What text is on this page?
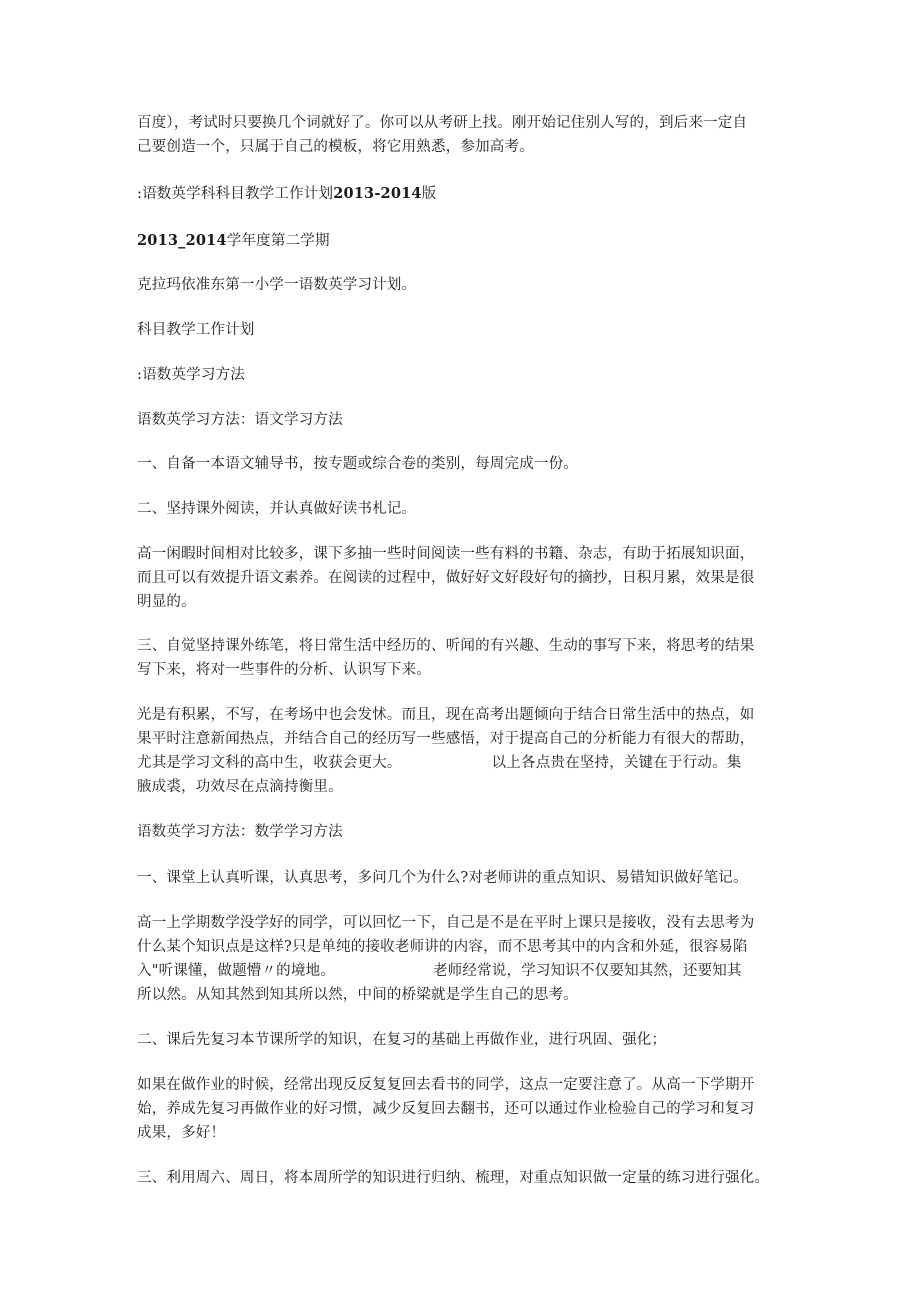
百度），考试时只要换几个词就好了。你可以从考研上找。刚开始记住别人写的，到后来一定自
己要创造一个，只属于自己的模板，将它用熟悉，参加高考。

:语数英学科科目教学工作计划2013-2014版

2013_2014学年度第二学期

克拉玛依准东第一小学一语数英学习计划。

科目教学工作计划

:语数英学习方法

语数英学习方法：语文学习方法

一、自备一本语文辅导书，按专题或综合卷的类别，每周完成一份。

二、坚持课外阅读，并认真做好读书札记。

高一闲暇时间相对比较多，课下多抽一些时间阅读一些有料的书籍、杂志，有助于拓展知识面，
而且可以有效提升语文素养。在阅读的过程中，做好好文好段好句的摘抄，日积月累，效果是很
明显的。

三、自觉坚持课外练笔，将日常生活中经历的、听闻的有兴趣、生动的事写下来，将思考的结果
写下来，将对一些事件的分析、认识写下来。

光是有积累，不写，在考场中也会发怵。而且，现在高考出题倾向于结合日常生活中的热点，如
果平时注意新闻热点，并结合自己的经历写一些感悟，对于提高自己的分析能力有很大的帮助，
尤其是学习文科的高中生，收获会更大。	以上各点贵在坚持，关键在于行动。集
腋成裘，功效尽在点滴持衡里。

语数英学习方法：数学学习方法

一、课堂上认真听课，认真思考，多问几个为什么?对老师讲的重点知识、易错知识做好笔记。

高一上学期数学没学好的同学，可以回忆一下，自己是不是在平时上课只是接收，没有去思考为
什么某个知识点是这样?只是单纯的接收老师讲的内容，而不思考其中的内含和外延，很容易陷
入"听课懂，做题懵〃的境地。	老师经常说，学习知识不仅要知其然，还要知其
所以然。从知其然到知其所以然，中间的桥梁就是学生自己的思考。

二、课后先复习本节课所学的知识，在复习的基础上再做作业，进行巩固、强化；

如果在做作业的时候，经常出现反反复复回去看书的同学，这点一定要注意了。从高一下学期开
始，养成先复习再做作业的好习惯，减少反复回去翻书，还可以通过作业检验自己的学习和复习
成果，多好！

三、利用周六、周日，将本周所学的知识进行归纳、梳理，对重点知识做一定量的练习进行强化。
